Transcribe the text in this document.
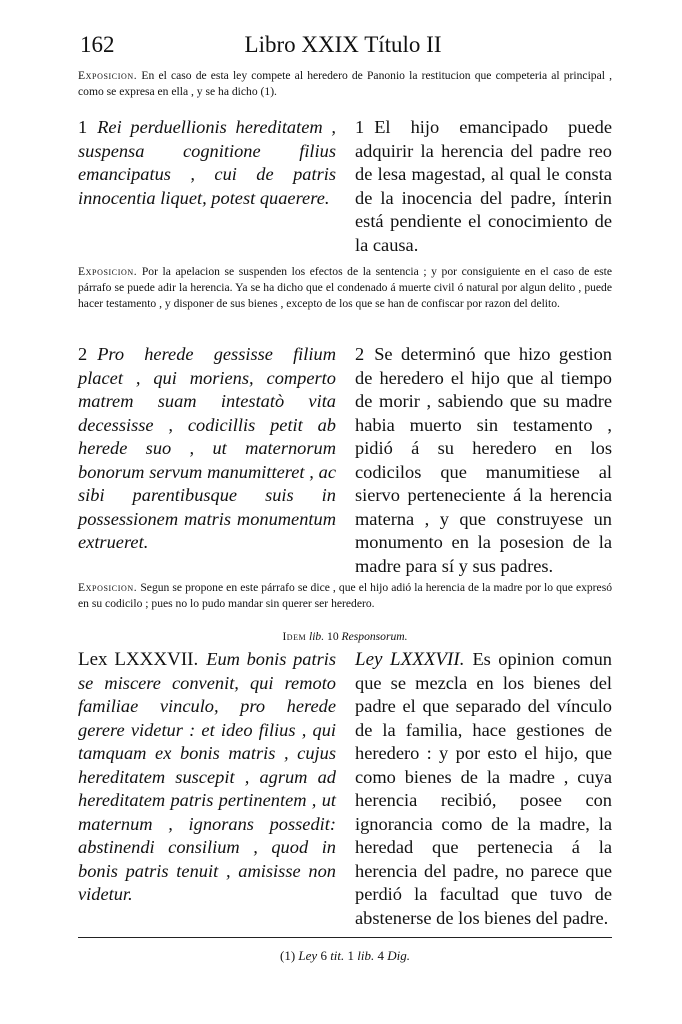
162	Libro XXIX Título II

Exposicion. En el caso de esta ley compete al heredero de Panonio la restitucion que competeria al principal , como se expresa en ella , y se ha dicho (1).

1 Rei perduellionis hereditatem , suspensa cognitione filius emancipatus , cui de patris innocentia liquet, potest quaerere.

1 El hijo emancipado puede adquirir la herencia del padre reo de lesa magestad, al qual le consta de la inocencia del padre, ínterin está pendiente el conocimiento de la causa.

Exposicion. Por la apelacion se suspenden los efectos de la sentencia ; y por consiguiente en el caso de este párrafo se puede adir la herencia. Ya se ha dicho que el condenado á muerte civil ó natural por algun delito , puede hacer testamento , y disponer de sus bienes , excepto de los que se han de confiscar por razon del delito.

2 Pro herede gessisse filium placet , qui moriens, comperto matrem suam intestatò vita decessisse , codicillis petit ab herede suo , ut maternorum bonorum servum manumitteret , ac sibi parentibusque suis in possessionem matris monumentum extrueret.

2 Se determinó que hizo gestion de heredero el hijo que al tiempo de morir , sabiendo que su madre habia muerto sin testamento , pidió á su heredero en los codicilos que manumitiese al siervo perteneciente á la herencia materna , y que construyese un monumento en la posesion de la madre para sí y sus padres.

Exposicion. Segun se propone en este párrafo se dice , que el hijo adió la herencia de la madre por lo que expresó en su codicilo ; pues no lo pudo mandar sin querer ser heredero.

Idem lib. 10 Responsorum.

Lex LXXXVII. Eum bonis patris se miscere convenit, qui remoto familiae vinculo, pro herede gerere videtur : et ideo filius , qui tamquam ex bonis matris , cujus hereditatem suscepit , agrum ad hereditatem patris pertinentem , ut maternum , ignorans possedit: abstinendi consilium , quod in bonis patris tenuit , amisisse non videtur.

Ley LXXXVII. Es opinion comun que se mezcla en los bienes del padre el que separado del vínculo de la familia, hace gestiones de heredero : y por esto el hijo, que como bienes de la madre , cuya herencia recibió, posee con ignorancia como de la madre, la heredad que pertenecia á la herencia del padre, no parece que perdió la facultad que tuvo de abstenerse de los bienes del padre.

(1) Ley 6 tit. 1 lib. 4 Dig.
